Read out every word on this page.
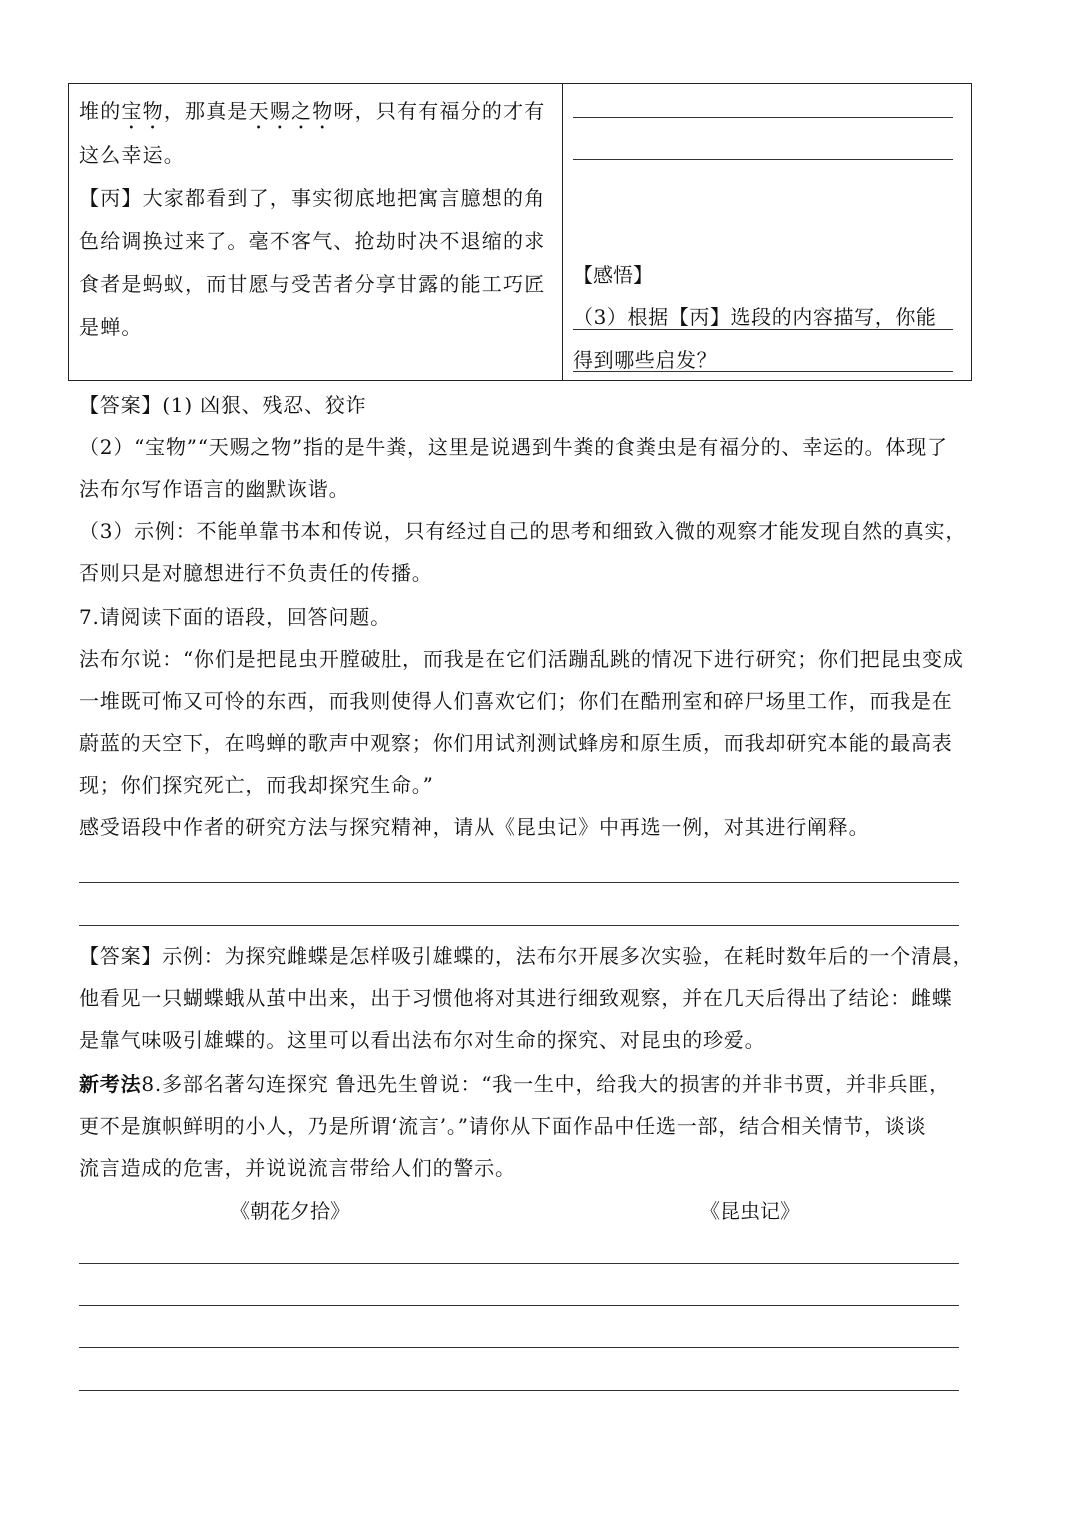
堆的宝物，那真是天赐之物呀，只有有福分的才有

这么幸运。

【丙】大家都看到了，事实彻底地把寓言臆想的角

色给调换过来了。毫不客气、抢劫时决不退缩的求

食者是蚂蚁，而甘愿与受苦者分享甘露的能工巧匠

是蝉。

【感悟】
（3）根据【丙】选段的内容描写，你能
得到哪些启发？

【答案】(1) 凶狠、残忍、狡诈

（2）“宝物”“天赐之物”指的是牛粪，这里是说遇到牛粪的食粪虫是有福分的、幸运的。体现了

法布尔写作语言的幽默诙谐。

（3）示例：不能单靠书本和传说，只有经过自己的思考和细致入微的观察才能发现自然的真实，

否则只是对臆想进行不负责任的传播。

7.请阅读下面的语段，回答问题。

法布尔说：“你们是把昆虫开膛破肚，而我是在它们活蹦乱跳的情况下进行研究；你们把昆虫变成

一堆既可怖又可怜的东西，而我则使得人们喜欢它们；你们在酷刑室和碎尸场里工作，而我是在

蔚蓝的天空下，在鸣蝉的歌声中观察；你们用试剂测试蜂房和原生质，而我却研究本能的最高表

现；你们探究死亡，而我却探究生命。”

感受语段中作者的研究方法与探究精神，请从《昆虫记》中再选一例，对其进行阐释。

【答案】示例：为探究雌蝶是怎样吸引雄蝶的，法布尔开展多次实验，在耗时数年后的一个清晨，

他看见一只蝴蝶蛾从茧中出来，出于习惯他将对其进行细致观察，并在几天后得出了结论：雌蝶

是靠气味吸引雄蝶的。这里可以看出法布尔对生命的探究、对昆虫的珍爱。

新考法8.多部名著勾连探究 鲁迅先生曾说：“我一生中，给我大的损害的并非书贾，并非兵匪，

更不是旗帜鲜明的小人，乃是所谓‘流言’。”请你从下面作品中任选一部，结合相关情节，谈谈

流言造成的危害，并说说流言带给人们的警示。

《朝花夕拾》	《昆虫记》
